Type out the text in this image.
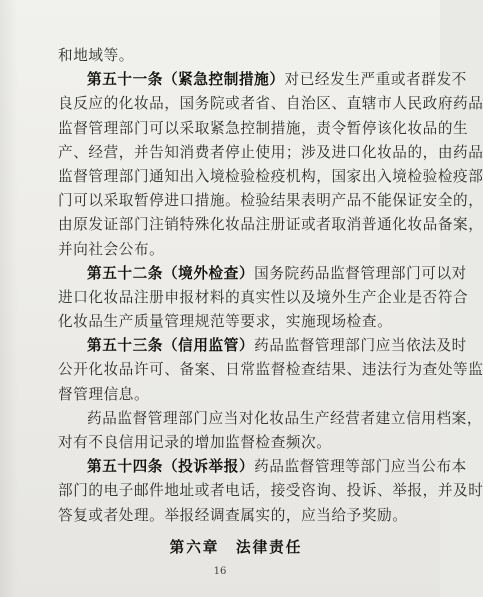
和地域等。
第五十一条（紧急控制措施）对已经发生严重或者群发不
良反应的化妆品，国务院或者省、自治区、直辖市人民政府药品
监督管理部门可以采取紧急控制措施，责令暂停该化妆品的生
产、经营，并告知消费者停止使用；涉及进口化妆品的，由药品
监督管理部门通知出入境检验检疫机构，国家出入境检验检疫部
门可以采取暂停进口措施。检验结果表明产品不能保证安全的，
由原发证部门注销特殊化妆品注册证或者取消普通化妆品备案，
并向社会公布。
第五十二条（境外检查）国务院药品监督管理部门可以对
进口化妆品注册申报材料的真实性以及境外生产企业是否符合
化妆品生产质量管理规范等要求，实施现场检查。
第五十三条（信用监管）药品监督管理部门应当依法及时
公开化妆品许可、备案、日常监督检查结果、违法行为查处等监
督管理信息。
药品监督管理部门应当对化妆品生产经营者建立信用档案，
对有不良信用记录的增加监督检查频次。
第五十四条（投诉举报）药品监督管理等部门应当公布本
部门的电子邮件地址或者电话，接受咨询、投诉、举报，并及时
答复或者处理。举报经调查属实的，应当给予奖励。
第六章　法律责任
16
